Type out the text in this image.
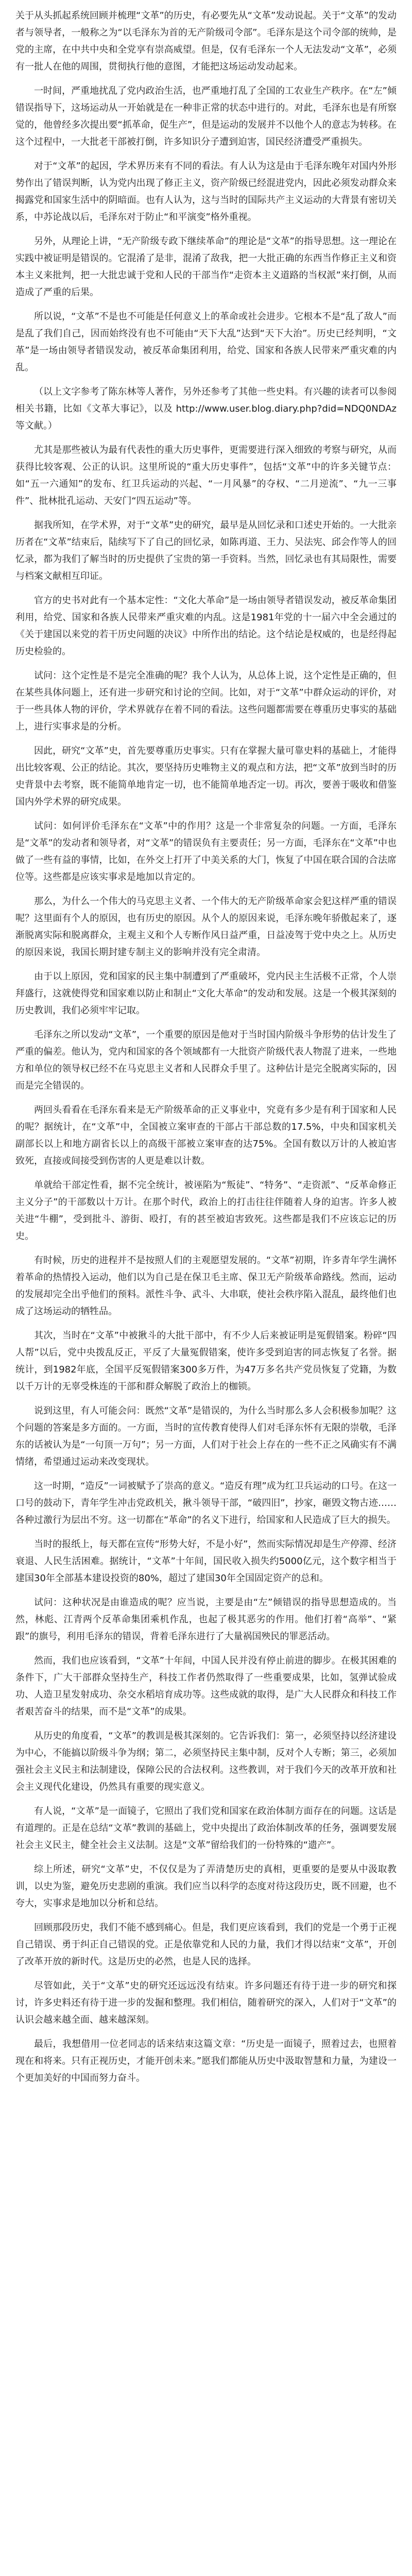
关于从头抓起系统回顾并梳理“文革”的历史，有必要先从“文革”发动说起。关于“文革”的发动者与领导者，一般称之为“以毛泽东为首的无产阶级司令部”。毛泽东是这个司令部的统帅，是党的主席，在中共中央和全党享有崇高威望。但是，仅有毛泽东一个人无法发动“文革”，必须有一批人在他的周围，贯彻执行他的意图，才能把这场运动发动起来。

一时间，严重地扰乱了党内政治生活，也严重地打乱了全国的工农业生产秩序。在“左”倾错误指导下，这场运动从一开始就是在一种非正常的状态中进行的。对此，毛泽东也是有所察觉的，他曾经多次提出要“抓革命，促生产”，但是运动的发展并不以他个人的意志为转移。在这个过程中，一大批老干部被打倒，许多知识分子遭到迫害，国民经济遭受严重损失。

对于“文革”的起因，学术界历来有不同的看法。有人认为这是由于毛泽东晚年对国内外形势作出了错误判断，认为党内出现了修正主义，资产阶级已经混进党内，因此必须发动群众来揭露党和国家生活中的阴暗面。也有人认为，这与当时的国际共产主义运动的大背景有密切关系，中苏论战以后，毛泽东对于防止“和平演变”格外重视。

另外，从理论上讲，“无产阶级专政下继续革命”的理论是“文革”的指导思想。这一理论在实践中被证明是错误的。它混淆了是非，混淆了敌我，把一大批正确的东西当作修正主义和资本主义来批判，把一大批忠诚于党和人民的干部当作“走资本主义道路的当权派”来打倒，从而造成了严重的后果。

所以说，“文革”不是也不可能是任何意义上的革命或社会进步。它根本不是“乱了敌人”而是乱了我们自己，因而始终没有也不可能由“天下大乱”达到“天下大治”。历史已经判明，“文革”是一场由领导者错误发动，被反革命集团利用，给党、国家和各族人民带来严重灾难的内乱。

（以上文字参考了陈东林等人著作，另外还参考了其他一些史料。有兴趣的读者可以参阅相关书籍，比如《文革大事记》，以及 http://www.user.blog.diary.php?did=NDQ0NDAz 等文献。）

尤其是那些被认为最有代表性的重大历史事件，更需要进行深入细致的考察与研究，从而获得比较客观、公正的认识。这里所说的“重大历史事件”，包括“文革”中的许多关键节点：如“五一六通知”的发布、红卫兵运动的兴起、“一月风暴”的夺权、“二月逆流”、“九一三事件”、批林批孔运动、天安门“四五运动”等。

据我所知，在学术界，对于“文革”史的研究，最早是从回忆录和口述史开始的。一大批亲历者在“文革”结束后，陆续写下了自己的回忆录，如陈再道、王力、吴法宪、邱会作等人的回忆录，都为我们了解当时的历史提供了宝贵的第一手资料。当然，回忆录也有其局限性，需要与档案文献相互印证。

官方的史书对此有一个基本定性：“文化大革命”是一场由领导者错误发动，被反革命集团利用，给党、国家和各族人民带来严重灾难的内乱。这是1981年党的十一届六中全会通过的《关于建国以来党的若干历史问题的决议》中所作出的结论。这个结论是权威的，也是经得起历史检验的。

试问：这个定性是不是完全准确的呢？我个人认为，从总体上说，这个定性是正确的，但在某些具体问题上，还有进一步研究和讨论的空间。比如，对于“文革”中群众运动的评价，对于一些具体人物的评价，学术界就存在着不同的看法。这些问题都需要在尊重历史事实的基础上，进行实事求是的分析。

因此，研究“文革”史，首先要尊重历史事实。只有在掌握大量可靠史料的基础上，才能得出比较客观、公正的结论。其次，要坚持历史唯物主义的观点和方法，把“文革”放到当时的历史背景中去考察，既不能简单地肯定一切，也不能简单地否定一切。再次，要善于吸收和借鉴国内外学术界的研究成果。

试问：如何评价毛泽东在“文革”中的作用？这是一个非常复杂的问题。一方面，毛泽东是“文革”的发动者和领导者，对“文革”的错误负有主要责任；另一方面，毛泽东在“文革”中也做了一些有益的事情，比如，在外交上打开了中美关系的大门，恢复了中国在联合国的合法席位等。这些都是应该实事求是地加以肯定的。

那么，为什么一个伟大的马克思主义者、一个伟大的无产阶级革命家会犯这样严重的错误呢？这里面有个人的原因，也有历史的原因。从个人的原因来说，毛泽东晚年骄傲起来了，逐渐脱离实际和脱离群众，主观主义和个人专断作风日益严重，日益凌驾于党中央之上。从历史的原因来说，我国长期封建专制主义的影响并没有完全肃清。

由于以上原因，党和国家的民主集中制遭到了严重破坏，党内民主生活极不正常，个人崇拜盛行，这就使得党和国家难以防止和制止“文化大革命”的发动和发展。这是一个极其深刻的历史教训，我们必须牢牢记取。

毛泽东之所以发动“文革”，一个重要的原因是他对于当时国内阶级斗争形势的估计发生了严重的偏差。他认为，党内和国家的各个领域都有一大批资产阶级代表人物混了进来，一些地方和单位的领导权已经不在马克思主义者和人民群众手里了。这种估计是完全脱离实际的，因而是完全错误的。

两回头看看在毛泽东看来是无产阶级革命的正义事业中，究竟有多少是有利于国家和人民的呢？据统计，在“文革”中，全国被立案审查的干部占干部总数的17.5%，中央和国家机关副部长以上和地方副省长以上的高级干部被立案审查的达75%。全国有数以万计的人被迫害致死，直接或间接受到伤害的人更是难以计数。

单就给干部定性看，据不完全统计，被诬陷为“叛徒”、“特务”、“走资派”、“反革命修正主义分子”的干部数以十万计。在那个时代，政治上的打击往往伴随着人身的迫害。许多人被关进“牛棚”，受到批斗、游街、殴打，有的甚至被迫害致死。这些都是我们不应该忘记的历史。

有时候，历史的进程并不是按照人们的主观愿望发展的。“文革”初期，许多青年学生满怀着革命的热情投入运动，他们以为自己是在保卫毛主席、保卫无产阶级革命路线。然而，运动的发展却完全出乎他们的预料。派性斗争、武斗、大串联，使社会秩序陷入混乱，最终他们也成了这场运动的牺牲品。

其次，当时在“文革”中被揪斗的大批干部中，有不少人后来被证明是冤假错案。粉碎“四人帮”以后，党中央拨乱反正，平反了大量冤假错案，使许多受到迫害的同志恢复了名誉。据统计，到1982年底，全国平反冤假错案300多万件，为47万多名共产党员恢复了党籍，为数以千万计的无辜受株连的干部和群众解脱了政治上的枷锁。

说到这里，有人可能会问：既然“文革”是错误的，为什么当时那么多人会积极参加呢？这个问题的答案是多方面的。一方面，当时的宣传教育使得人们对毛泽东怀有无限的崇敬，毛泽东的话被认为是“一句顶一万句”；另一方面，人们对于社会上存在的一些不正之风确实有不满情绪，希望通过运动来改变现状。

这一时期，“造反”一词被赋予了崇高的意义。“造反有理”成为红卫兵运动的口号。在这一口号的鼓动下，青年学生冲击党政机关，揪斗领导干部，“破四旧”，抄家，砸毁文物古迹……各种过激行为层出不穷。这一切都在“革命”的名义下进行，给国家和人民造成了巨大的损失。

当时的报纸上，每天都在宣传“形势大好，不是小好”，然而实际情况却是生产停滞、经济衰退、人民生活困难。据统计，“文革”十年间，国民收入损失约5000亿元，这个数字相当于建国30年全部基本建设投资的80%，超过了建国30年全国固定资产的总和。

试问：这种状况是由谁造成的呢？应当说，主要是由“左”倾错误的指导思想造成的。当然，林彪、江青两个反革命集团乘机作乱，也起了极其恶劣的作用。他们打着“高举”、“紧跟”的旗号，利用毛泽东的错误，背着毛泽东进行了大量祸国殃民的罪恶活动。

然而，我们也应该看到，“文革”十年间，中国人民并没有停止前进的脚步。在极其困难的条件下，广大干部群众坚持生产，科技工作者仍然取得了一些重要成果，比如，氢弹试验成功、人造卫星发射成功、杂交水稻培育成功等。这些成就的取得，是广大人民群众和科技工作者艰苦奋斗的结果，而不是“文革”的成果。

从历史的角度看，“文革”的教训是极其深刻的。它告诉我们：第一，必须坚持以经济建设为中心，不能搞以阶级斗争为纲；第二，必须坚持民主集中制，反对个人专断；第三，必须加强社会主义民主和法制建设，保障公民的合法权利。这些教训，对于我们今天的改革开放和社会主义现代化建设，仍然具有重要的现实意义。

有人说，“文革”是一面镜子，它照出了我们党和国家在政治体制方面存在的问题。这话是有道理的。正是在总结“文革”教训的基础上，党中央提出了政治体制改革的任务，强调要发展社会主义民主，健全社会主义法制。这是“文革”留给我们的一份特殊的“遗产”。

综上所述，研究“文革”史，不仅仅是为了弄清楚历史的真相，更重要的是要从中汲取教训，以史为鉴，避免历史悲剧的重演。我们应当以科学的态度对待这段历史，既不回避，也不夸大，实事求是地加以分析和总结。

回顾那段历史，我们不能不感到痛心。但是，我们更应该看到，我们的党是一个勇于正视自己错误、勇于纠正自己错误的党。正是依靠党和人民的力量，我们才得以结束“文革”，开创了改革开放的新时代。这是历史的必然，也是人民的选择。

尽管如此，关于“文革”史的研究还远远没有结束。许多问题还有待于进一步的研究和探讨，许多史料还有待于进一步的发掘和整理。我们相信，随着研究的深入，人们对于“文革”的认识会越来越全面、越来越深刻。

最后，我想借用一位老同志的话来结束这篇文章：“历史是一面镜子，照着过去，也照着现在和将来。只有正视历史，才能开创未来。”愿我们都能从历史中汲取智慧和力量，为建设一个更加美好的中国而努力奋斗。
